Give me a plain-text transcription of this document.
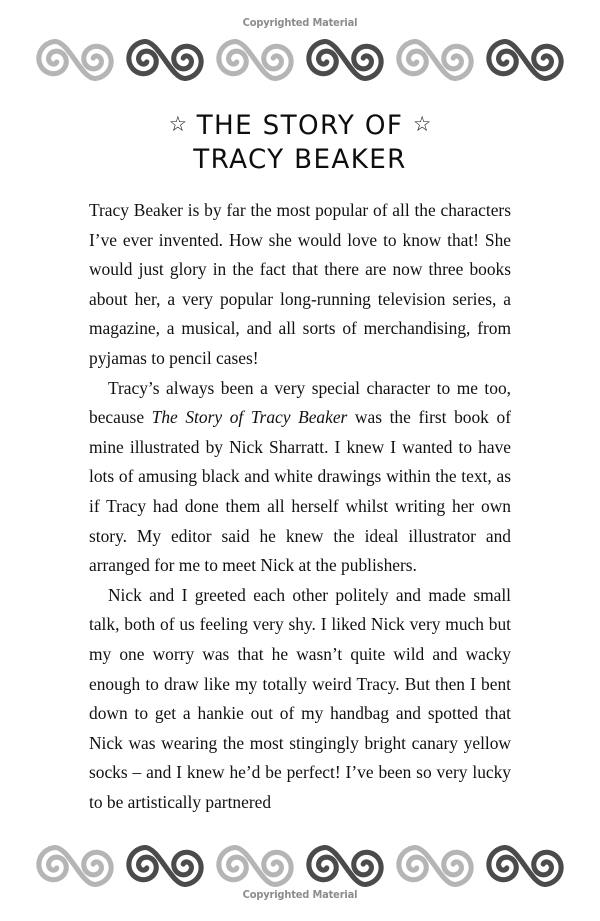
Copyrighted Material
☆ THE STORY OF ☆
TRACY BEAKER

Tracy Beaker is by far the most popular of all the characters I’ve ever invented. How she would love to know that! She would just glory in the fact that there are now three books about her, a very popular long-running television series, a magazine, a musical, and all sorts of merchandising, from pyjamas to pencil cases!

Tracy’s always been a very special character to me too, because The Story of Tracy Beaker was the first book of mine illustrated by Nick Sharratt. I knew I wanted to have lots of amusing black and white drawings within the text, as if Tracy had done them all herself whilst writing her own story. My editor said he knew the ideal illustrator and arranged for me to meet Nick at the publishers.

Nick and I greeted each other politely and made small talk, both of us feeling very shy. I liked Nick very much but my one worry was that he wasn’t quite wild and wacky enough to draw like my totally weird Tracy. But then I bent down to get a hankie out of my handbag and spotted that Nick was wearing the most stingingly bright canary yellow socks – and I knew he’d be perfect! I’ve been so very lucky to be artistically partnered

Copyrighted Material
